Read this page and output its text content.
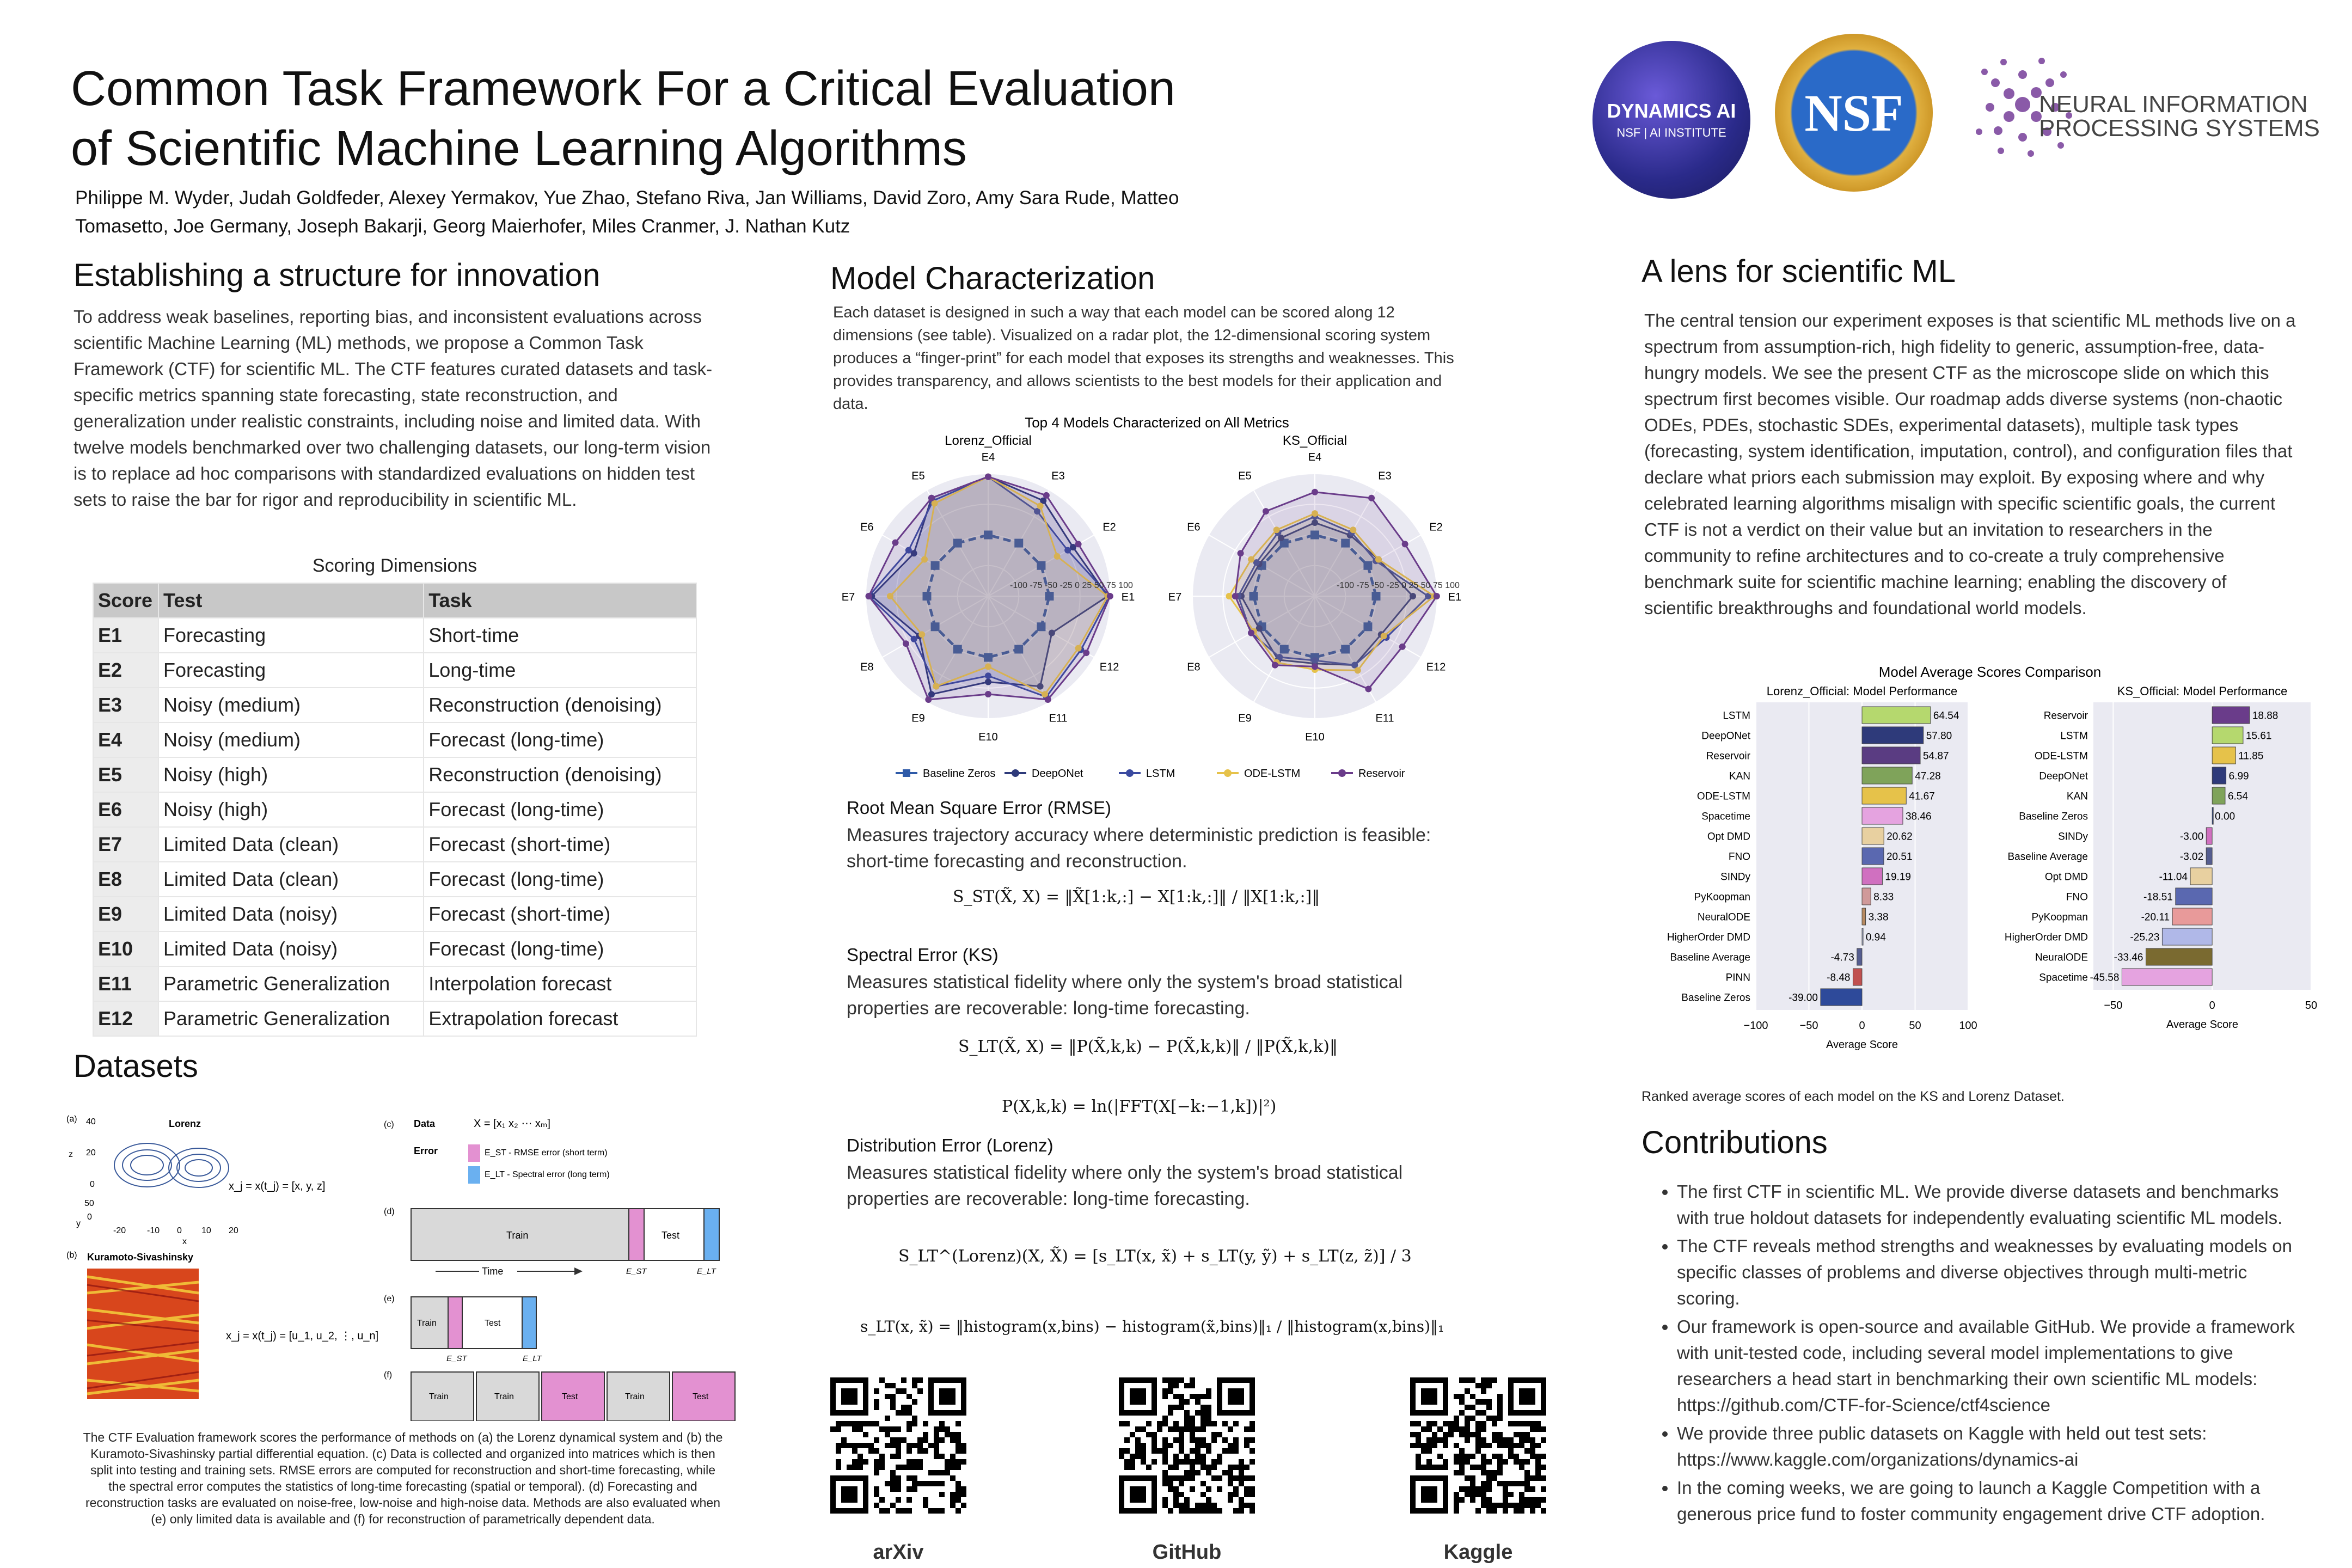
Common Task Framework For a Critical Evaluation
of Scientific Machine Learning Algorithms
Philippe M. Wyder, Judah Goldfeder, Alexey Yermakov, Yue Zhao, Stefano Riva, Jan Williams, David Zoro, Amy Sara Rude, Matteo Tomasetto, Joe Germany, Joseph Bakarji, Georg Maierhofer, Miles Cranmer, J. Nathan Kutz
DYNAMICS AI
NSF | AI INSTITUTE NSF	NEURAL INFORMATION
PROCESSING SYSTEMS
Establishing a structure for innovation
To address weak baselines, reporting bias, and inconsistent evaluations across scientific Machine Learning (ML) methods, we propose a Common Task Framework (CTF) for scientific ML. The CTF features curated datasets and task-specific metrics spanning state forecasting, state reconstruction, and generalization under realistic constraints, including noise and limited data. With twelve models benchmarked over two challenging datasets, our long-term vision is to replace ad hoc comparisons with standardized evaluations on hidden test sets to raise the bar for rigor and reproducibility in scientific ML.
Scoring Dimensions
Score	Test	Task
E1	Forecasting	Short-time
E2	Forecasting	Long-time
E3	Noisy (medium)	Reconstruction (denoising)
E4	Noisy (medium)	Forecast (long-time)
E5	Noisy (high)	Reconstruction (denoising)
E6	Noisy (high)	Forecast (long-time)
E7	Limited Data (clean)	Forecast (short-time)
E8	Limited Data (clean)	Forecast (long-time)
E9	Limited Data (noisy)	Forecast (short-time)
E10	Limited Data (noisy)	Forecast (long-time)
E11	Parametric Generalization	Interpolation forecast
E12	Parametric Generalization	Extrapolation forecast
Datasets
(a)
(b)
Lorenz
40
20
0
z
50
0
y
-20 -10 0 10 20
x
x_j = x(t_j) = [x, y, z]
Kuramoto-Sivashinsky
x_j = x(t_j) = [u_1, u_2, ⋮, u_n]
(c) Data	X = [x₁ x₂ ⋯ xₘ]
Error	E_ST - RMSE error (short term)
E_LT - Spectral error (long term)
(d)
Train	Test
E_ST	E_LT
Time
(e)
Train	Test
E_ST	E_LT
(f)
Train	Train	Test	Train	Test
The CTF Evaluation framework scores the performance of methods on (a) the Lorenz dynamical system and (b) the Kuramoto-Sivashinsky partial differential equation. (c) Data is collected and organized into matrices which is then split into testing and training sets. RMSE errors are computed for reconstruction and short-time forecasting, while the spectral error computes the statistics of long-time forecasting (spatial or temporal). (d) Forecasting and reconstruction tasks are evaluated on noise-free, low-noise and high-noise data. Methods are also evaluated when (e) only limited data is available and (f) for reconstruction of parametrically dependent data.
Model Characterization
Each dataset is designed in such a way that each model can be scored along 12 dimensions (see table). Visualized on a radar plot, the 12-dimensional scoring system produces a “finger-print” for each model that exposes its strengths and weaknesses. This provides transparency, and allows scientists to the best models for their application and data.
Top 4 Models Characterized on All Metrics
Lorenz_Official	KS_Official
E1
E2
E3
E4
E5
E6
E7
E8
E9
E10
E11
E12
-100 -75 -50 -25 0 25 50 75 100
E1
E2
E3
E4
E5
E6
E7
E8
E9
E10
E11
E12
-100 -75 -50 -25 0 25 50 75 100
Baseline Zeros	DeepONet	LSTM	ODE-LSTM	Reservoir
Root Mean Square Error (RMSE)
Measures trajectory accuracy where deterministic prediction is feasible: short-time forecasting and reconstruction.
S_ST(X̃, X) = ‖X̃[1:k,:] − X[1:k,:]‖ / ‖X[1:k,:]‖
Spectral Error (KS)
Measures statistical fidelity where only the system's broad statistical properties are recoverable: long-time forecasting.
S_LT(X̃, X) = ‖P(X̃,k,k) − P(X̃,k,k)‖ / ‖P(X̃,k,k)‖
P(X,k,k) = ln(|FFT(X[−k:−1,k])|²)
Distribution Error (Lorenz)
Measures statistical fidelity where only the system's broad statistical properties are recoverable: long-time forecasting.
S_LT^(Lorenz)(X, X̃) = [s_LT(x, x̃) + s_LT(y, ỹ) + s_LT(z, z̃)] / 3
s_LT(x, x̃) = ‖histogram(x,bins) − histogram(x̃,bins)‖₁ / ‖histogram(x,bins)‖₁
arXiv	GitHub	Kaggle
A lens for scientific ML
The central tension our experiment exposes is that scientific ML methods live on a spectrum from assumption-rich, high fidelity to generic, assumption-free, data-hungry models. We see the present CTF as the microscope slide on which this spectrum first becomes visible. Our roadmap adds diverse systems (non-chaotic ODEs, PDEs, stochastic SDEs, experimental datasets), multiple task types (forecasting, system identification, imputation, control), and configuration files that declare what priors each submission may exploit. By exposing where and why celebrated learning algorithms misalign with specific scientific goals, the current CTF is not a verdict on their value but an invitation to researchers in the community to refine architectures and to co-create a truly comprehensive benchmark suite for scientific machine learning; enabling the discovery of scientific breakthroughs and foundational world models.
Model Average Scores Comparison
Lorenz_Official: Model Performance
−100	−50	0	50	100
Average Score
LSTM	64.54
DeepONet	57.80
Reservoir	54.87
KAN	47.28
ODE-LSTM	41.67
Spacetime	38.46
Opt DMD	20.62
FNO	20.51
SINDy	19.19
PyKoopman	8.33
NeuralODE	3.38
HigherOrder DMD	0.94
Baseline Average	-4.73
PINN	-8.48
Baseline Zeros	-39.00
KS_Official: Model Performance
−50	0	50
Average Score
Reservoir	18.88
LSTM	15.61
ODE-LSTM	11.85
DeepONet	6.99
KAN	6.54
Baseline Zeros	0.00
SINDy	-3.00
Baseline Average	-3.02
Opt DMD	-11.04
FNO	-18.51
PyKoopman	-20.11
HigherOrder DMD	-25.23
NeuralODE	-33.46
Spacetime -45.58
Ranked average scores of each model on the KS and Lorenz Dataset.
Contributions
• The first CTF in scientific ML. We provide diverse datasets and benchmarks with true holdout datasets for independently evaluating scientific ML models.
• The CTF reveals method strengths and weaknesses by evaluating models on specific classes of problems and diverse objectives through multi-metric scoring.
• Our framework is open-source and available GitHub. We provide a framework with unit-tested code, including several model implementations to give researchers a head start in benchmarking their own scientific ML models: https://github.com/CTF-for-Science/ctf4science
• We provide three public datasets on Kaggle with held out test sets: https://www.kaggle.com/organizations/dynamics-ai
• In the coming weeks, we are going to launch a Kaggle Competition with a generous price fund to foster community engagement drive CTF adoption.
